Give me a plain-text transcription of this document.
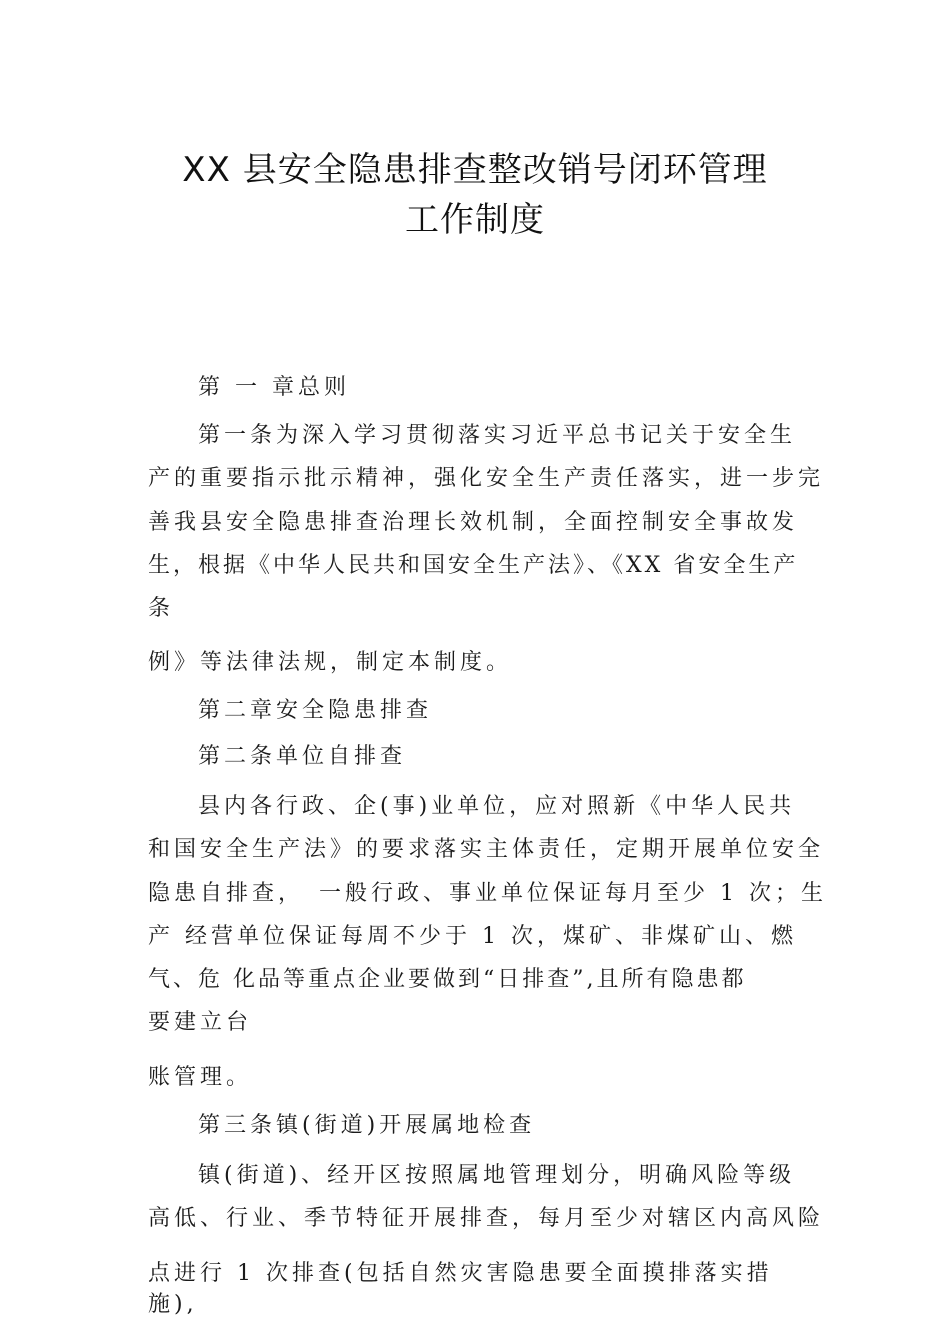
XX 县安全隐患排查整改销号闭环管理
工作制度

第 一 章总则

第一条为深入学习贯彻落实习近平总书记关于安全生

产的重要指示批示精神，强化安全生产责任落实，进一步完

善我县安全隐患排查治理长效机制，全面控制安全事故发

生，根据《中华人民共和国安全生产法》、《XX 省安全生产

条

例》等法律法规，制定本制度。

第二章安全隐患排查

第二条单位自排查

县内各行政、企(事)业单位，应对照新《中华人民共

和国安全生产法》的要求落实主体责任，定期开展单位安全

隐患自排查，　一般行政、事业单位保证每月至少 1 次；生

产 经营单位保证每周不少于 1 次，煤矿、非煤矿山、燃

气、危 化品等重点企业要做到“日排查”,且所有隐患都

要建立台

账管理。

第三条镇(街道)开展属地检查

镇(街道)、经开区按照属地管理划分，明确风险等级

高低、行业、季节特征开展排查，每月至少对辖区内高风险

点进行 1 次排查(包括自然灾害隐患要全面摸排落实措

施),
